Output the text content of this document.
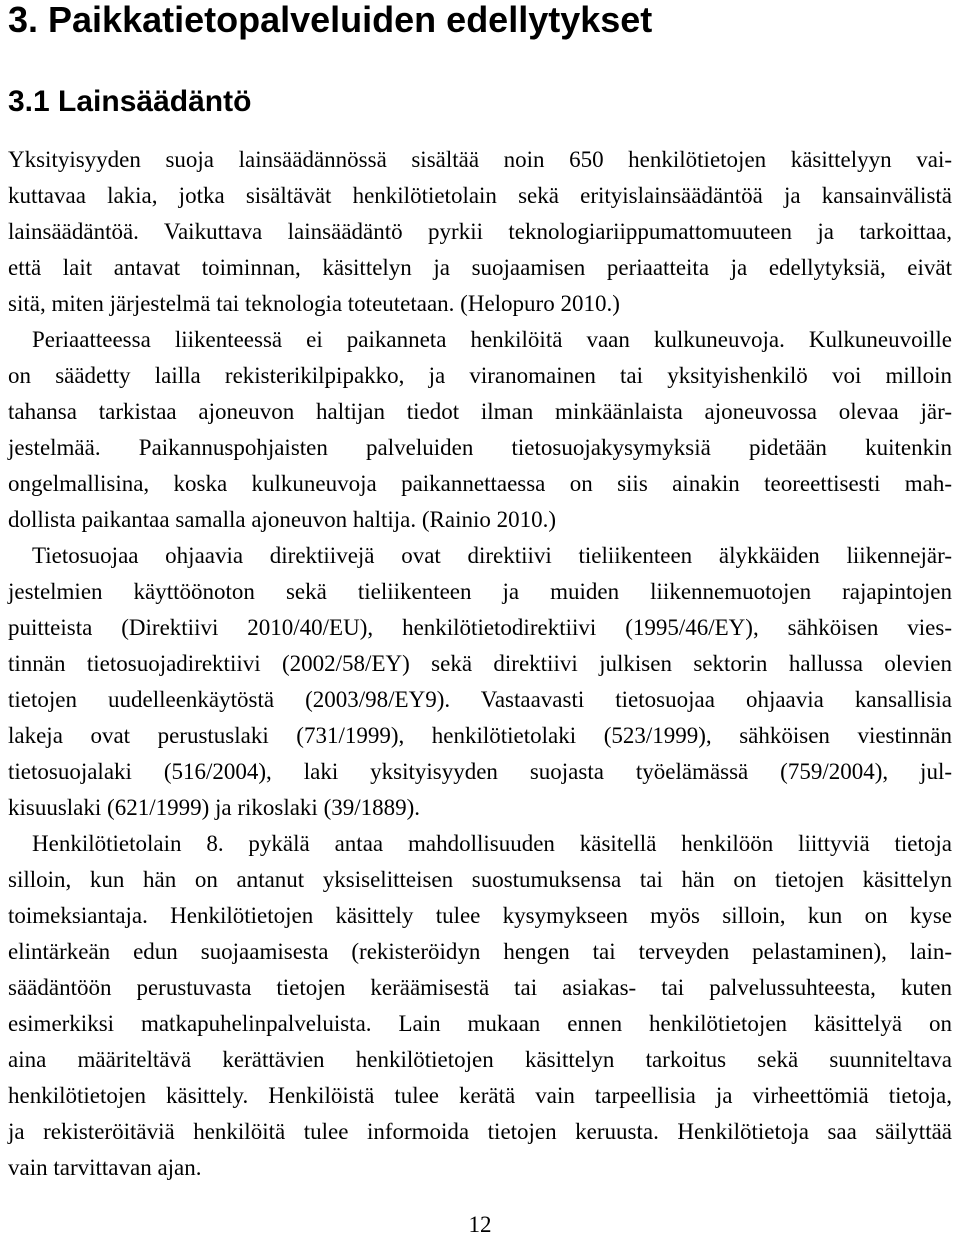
3. Paikkatietopalveluiden edellytykset
3.1 Lainsäädäntö
Yksityisyyden suoja lainsäädännössä sisältää noin 650 henkilötietojen käsittelyyn vai-
kuttavaa lakia, jotka sisältävät henkilötietolain sekä erityislainsäädäntöä ja kansainvälistä
lainsäädäntöä. Vaikuttava lainsäädäntö pyrkii teknologiariippumattomuuteen ja tarkoittaa,
että lait antavat toiminnan, käsittelyn ja suojaamisen periaatteita ja edellytyksiä, eivät
sitä, miten järjestelmä tai teknologia toteutetaan. (Helopuro 2010.)
Periaatteessa liikenteessä ei paikanneta henkilöitä vaan kulkuneuvoja. Kulkuneuvoille
on säädetty lailla rekisterikilpipakko, ja viranomainen tai yksityishenkilö voi milloin
tahansa tarkistaa ajoneuvon haltijan tiedot ilman minkäänlaista ajoneuvossa olevaa jär-
jestelmää. Paikannuspohjaisten palveluiden tietosuojakysymyksiä pidetään kuitenkin
ongelmallisina, koska kulkuneuvoja paikannettaessa on siis ainakin teoreettisesti mah-
dollista paikantaa samalla ajoneuvon haltija. (Rainio 2010.)
Tietosuojaa ohjaavia direktiivejä ovat direktiivi tieliikenteen älykkäiden liikennejär-
jestelmien käyttöönoton sekä tieliikenteen ja muiden liikennemuotojen rajapintojen
puitteista (Direktiivi 2010/40/EU), henkilötietodirektiivi (1995/46/EY), sähköisen vies-
tinnän tietosuojadirektiivi (2002/58/EY) sekä direktiivi julkisen sektorin hallussa olevien
tietojen uudelleenkäytöstä (2003/98/EY9). Vastaavasti tietosuojaa ohjaavia kansallisia
lakeja ovat perustuslaki (731/1999), henkilötietolaki (523/1999), sähköisen viestinnän
tietosuojalaki (516/2004), laki yksityisyyden suojasta työelämässä (759/2004), jul-
kisuuslaki (621/1999) ja rikoslaki (39/1889).
Henkilötietolain 8. pykälä antaa mahdollisuuden käsitellä henkilöön liittyviä tietoja
silloin, kun hän on antanut yksiselitteisen suostumuksensa tai hän on tietojen käsittelyn
toimeksiantaja. Henkilötietojen käsittely tulee kysymykseen myös silloin, kun on kyse
elintärkeän edun suojaamisesta (rekisteröidyn hengen tai terveyden pelastaminen), lain-
säädäntöön perustuvasta tietojen keräämisestä tai asiakas- tai palvelussuhteesta, kuten
esimerkiksi matkapuhelinpalveluista. Lain mukaan ennen henkilötietojen käsittelyä on
aina määriteltävä kerättävien henkilötietojen käsittelyn tarkoitus sekä suunniteltava
henkilötietojen käsittely. Henkilöistä tulee kerätä vain tarpeellisia ja virheettömiä tietoja,
ja rekisteröitäviä henkilöitä tulee informoida tietojen keruusta. Henkilötietoja saa säilyttää
vain tarvittavan ajan.
12
